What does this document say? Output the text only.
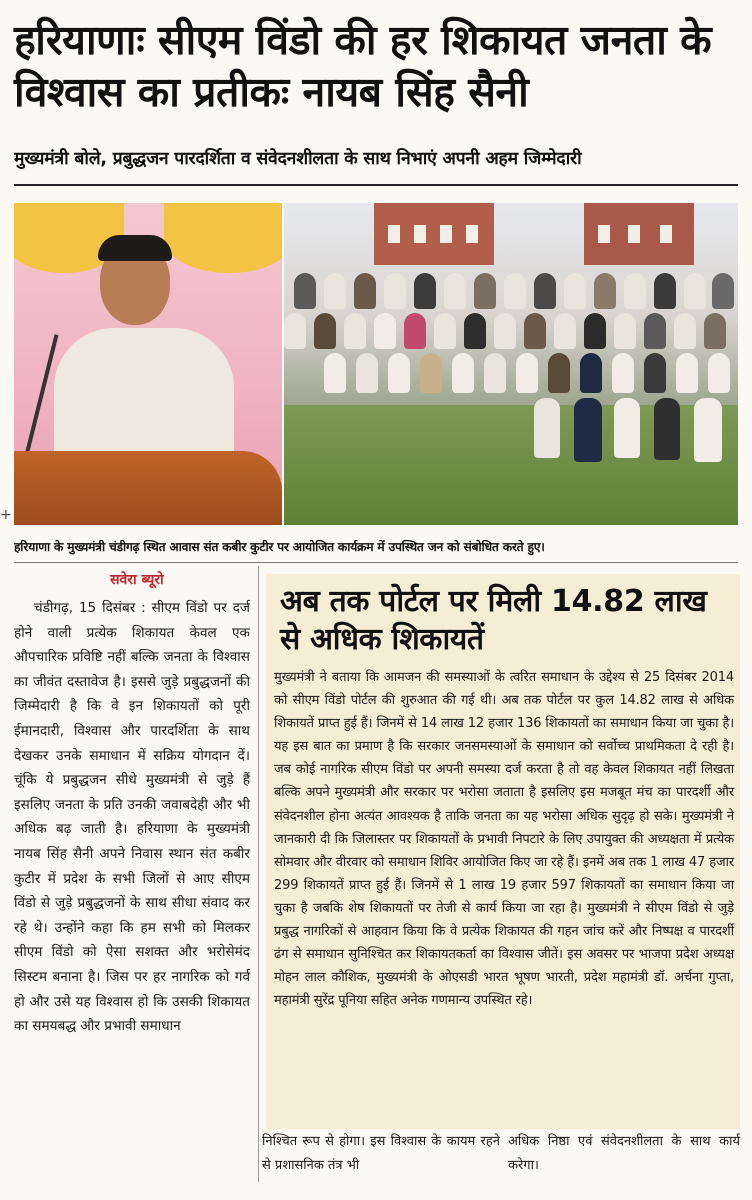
हरियाणाः सीएम विंडो की हर शिकायत जनता के विश्वास का प्रतीकः नायब सिंह सैनी
मुख्यमंत्री बोले, प्रबुद्धजन पारदर्शिता व संवेदनशीलता के साथ निभाएं अपनी अहम जिम्मेदारी
+
हरियाणा के मुख्यमंत्री चंडीगढ़ स्थित आवास संत कबीर कुटीर पर आयोजित कार्यक्रम में उपस्थित जन को संबोधित करते हुए।
सवेरा ब्यूरो
चंडीगढ़, 15 दिसंबर : सीएम विंडो पर दर्ज होने वाली प्रत्येक शिकायत केवल एक औपचारिक प्रविष्टि नहीं बल्कि जनता के विश्वास का जीवंत दस्तावेज है। इससे जुड़े प्रबुद्धजनों की जिम्मेदारी है कि वे इन शिकायतों को पूरी ईमानदारी, विश्वास और पारदर्शिता के साथ देखकर उनके समाधान में सक्रिय योगदान दें। चूंकि ये प्रबुद्धजन सीधे मुख्यमंत्री से जुड़े हैं इसलिए जनता के प्रति उनकी जवाबदेही और भी अधिक बढ़ जाती है। हरियाणा के मुख्यमंत्री नायब सिंह सैनी अपने निवास स्थान संत कबीर कुटीर में प्रदेश के सभी जिलों से आए सीएम विंडो से जुड़े प्रबुद्धजनों के साथ सीधा संवाद कर रहे थे। उन्होंने कहा कि हम सभी को मिलकर सीएम विंडो को ऐसा सशक्त और भरोसेमंद सिस्टम बनाना है। जिस पर हर नागरिक को गर्व हो और उसे यह विश्वास हो कि उसकी शिकायत का समयबद्ध और प्रभावी समाधान
अब तक पोर्टल पर मिली 14.82 लाख से अधिक शिकायतें
मुख्यमंत्री ने बताया कि आमजन की समस्याओं के त्वरित समाधान के उद्देश्य से 25 दिसंबर 2014 को सीएम विंडो पोर्टल की शुरुआत की गई थी। अब तक पोर्टल पर कुल 14.82 लाख से अधिक शिकायतें प्राप्त हुई हैं। जिनमें से 14 लाख 12 हजार 136 शिकायतों का समाधान किया जा चुका है। यह इस बात का प्रमाण है कि सरकार जनसमस्याओं के समाधान को सर्वोच्च प्राथमिकता दे रही है। जब कोई नागरिक सीएम विंडो पर अपनी समस्या दर्ज करता है तो वह केवल शिकायत नहीं लिखता बल्कि अपने मुख्यमंत्री और सरकार पर भरोसा जताता है इसलिए इस मजबूत मंच का पारदर्शी और संवेदनशील होना अत्यंत आवश्यक है ताकि जनता का यह भरोसा अधिक सुदृढ़ हो सके। मुख्यमंत्री ने जानकारी दी कि जिलास्तर पर शिकायतों के प्रभावी निपटारे के लिए उपायुक्त की अध्यक्षता में प्रत्येक सोमवार और वीरवार को समाधान शिविर आयोजित किए जा रहे हैं। इनमें अब तक 1 लाख 47 हजार 299 शिकायतें प्राप्त हुई हैं। जिनमें से 1 लाख 19 हजार 597 शिकायतों का समाधान किया जा चुका है जबकि शेष शिकायतों पर तेजी से कार्य किया जा रहा है। मुख्यमंत्री ने सीएम विंडो से जुड़े प्रबुद्ध नागरिकों से आहवान किया कि वे प्रत्येक शिकायत की गहन जांच करें और निष्पक्ष व पारदर्शी ढंग से समाधान सुनिश्चित कर शिकायतकर्ता का विश्वास जीतें। इस अवसर पर भाजपा प्रदेश अध्यक्ष मोहन लाल कौशिक, मुख्यमंत्री के ओएसडी भारत भूषण भारती, प्रदेश महामंत्री डॉ. अर्चना गुप्ता, महामंत्री सुरेंद्र पूनिया सहित अनेक गणमान्य उपस्थित रहे।
निश्चित रूप से होगा। इस विश्वास के कायम रहने से प्रशासनिक तंत्र भी
अधिक निष्ठा एवं संवेदनशीलता के साथ कार्य करेगा।
